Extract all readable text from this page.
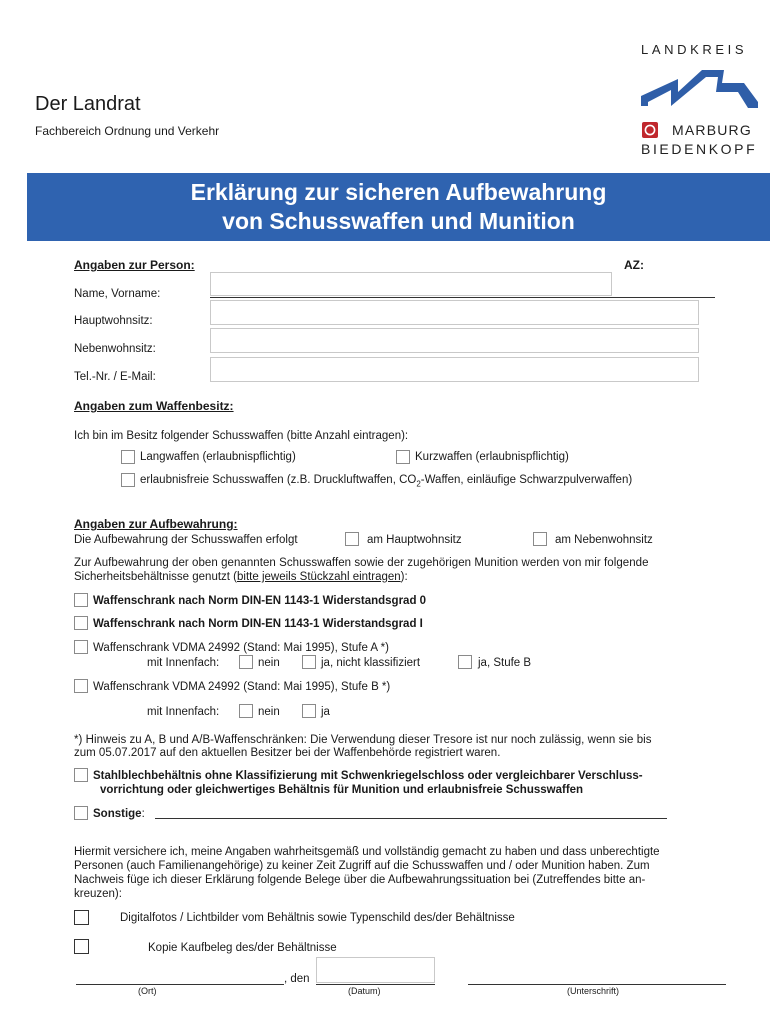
Der Landrat
Fachbereich Ordnung und Verkehr
LANDKREIS
MARBURG
BIEDENKOPF
Erklärung zur sicheren Aufbewahrung
von Schusswaffen und Munition
Angaben zur Person:	AZ:
Name, Vorname:
Hauptwohnsitz:
Nebenwohnsitz:
Tel.-Nr. / E-Mail:
Angaben zum Waffenbesitz:
Ich bin im Besitz folgender Schusswaffen (bitte Anzahl eintragen):
Langwaffen (erlaubnispflichtig)	Kurzwaffen (erlaubnispflichtig)
erlaubnisfreie Schusswaffen (z.B. Druckluftwaffen, $CO_2$-Waffen, einläufige Schwarzpulverwaffen)
Angaben zur Aufbewahrung:
Die Aufbewahrung der Schusswaffen erfolgt	am Hauptwohnsitz	am Nebenwohnsitz
Zur Aufbewahrung der oben genannten Schusswaffen sowie der zugehörigen Munition werden von mir folgende
Sicherheitsbehältnisse genutzt (bitte jeweils Stückzahl eintragen):
Waffenschrank nach Norm DIN-EN 1143-1 Widerstandsgrad 0
Waffenschrank nach Norm DIN-EN 1143-1 Widerstandsgrad I
Waffenschrank VDMA 24992 (Stand: Mai 1995), Stufe A *)
mit Innenfach:	nein	ja, nicht klassifiziert	ja, Stufe B
Waffenschrank VDMA 24992 (Stand: Mai 1995), Stufe B *)
mit Innenfach:	nein	ja
*) Hinweis zu A, B und A/B-Waffenschränken: Die Verwendung dieser Tresore ist nur noch zulässig, wenn sie bis
zum 05.07.2017 auf den aktuellen Besitzer bei der Waffenbehörde registriert waren.
Stahlblechbehältnis ohne Klassifizierung mit Schwenkriegelschloss oder vergleichbarer Verschluss-
vorrichtung oder gleichwertiges Behältnis für Munition und erlaubnisfreie Schusswaffen
Sonstige:
Hiermit versichere ich, meine Angaben wahrheitsgemäß und vollständig gemacht zu haben und dass unberechtigte
Personen (auch Familienangehörige) zu keiner Zeit Zugriff auf die Schusswaffen und / oder Munition haben. Zum
Nachweis füge ich dieser Erklärung folgende Belege über die Aufbewahrungssituation bei (Zutreffendes bitte an-
kreuzen):
Digitalfotos / Lichtbilder vom Behältnis sowie Typenschild des/der Behältnisse
Kopie Kaufbeleg des/der Behältnisse
, den
(Ort)	(Datum)	(Unterschrift)
